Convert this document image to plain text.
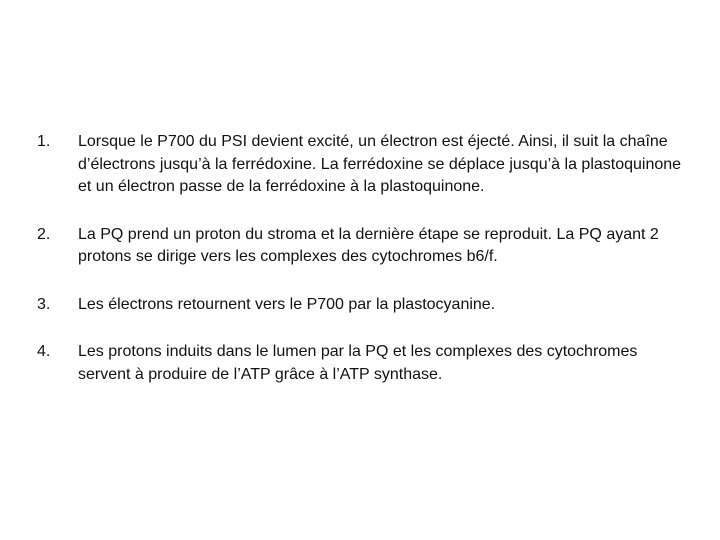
1.	Lorsque le P700 du PSI devient excité, un électron est éjecté. Ainsi, il suit la chaîne d’électrons jusqu’à la ferrédoxine. La ferrédoxine se déplace jusqu’à la plastoquinone et un électron passe de la ferrédoxine à la plastoquinone.
2.	La PQ prend un proton du stroma et la dernière étape se reproduit. La PQ ayant 2 protons se dirige vers les complexes des cytochromes b6/f.
3.	Les électrons retournent vers le P700 par la plastocyanine.
4.	Les protons induits dans le lumen par la PQ et les complexes des cytochromes servent à produire de l’ATP grâce à l’ATP synthase.
